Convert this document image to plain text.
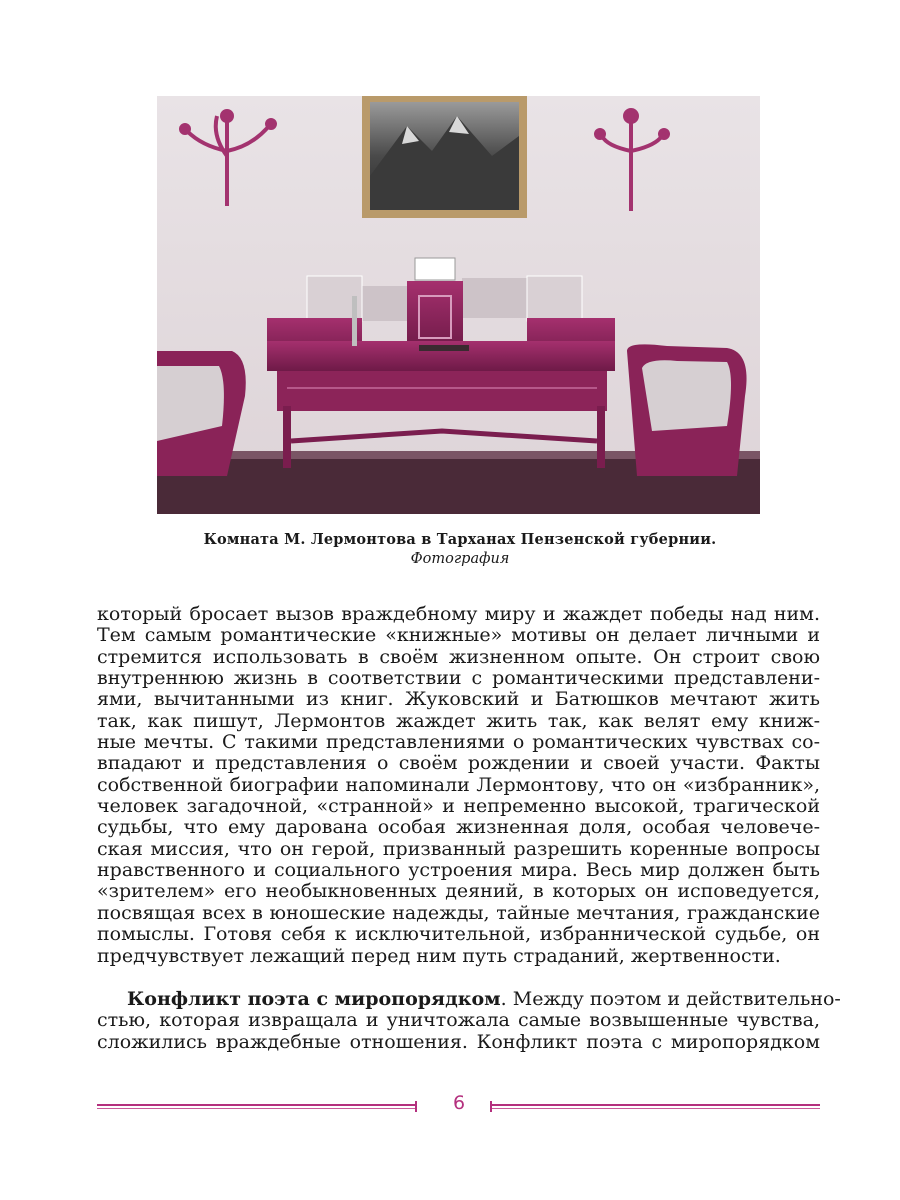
Комната М. Лермонтова в Тарханах Пензенской губернии.
Фотография
который бросает вызов враждебному миру и жаждет победы над ним.
Тем самым романтические «книжные» мотивы он делает личными и
стремится использовать в своём жизненном опыте. Он строит свою
внутреннюю жизнь в соответствии с романтическими представлени-
ями, вычитанными из книг. Жуковский и Батюшков мечтают жить
так, как пишут, Лермонтов жаждет жить так, как велят ему книж-
ные мечты. С такими представлениями о романтических чувствах со-
впадают и представления о своём рождении и своей участи. Факты
собственной биографии напоминали Лермонтову, что он «избранник»,
человек загадочной, «странной» и непременно высокой, трагической
судьбы, что ему дарована особая жизненная доля, особая человече-
ская миссия, что он герой, призванный разрешить коренные вопросы
нравственного и социального устроения мира. Весь мир должен быть
«зрителем» его необыкновенных деяний, в которых он исповедуется,
посвящая всех в юношеские надежды, тайные мечтания, гражданские
помыслы. Готовя себя к исключительной, избраннической судьбе, он
предчувствует лежащий перед ним путь страданий, жертвенности.
Конфликт поэта с миропорядком. Между поэтом и действительно-
стью, которая извращала и уничтожала самые возвышенные чувства,
сложились враждебные отношения. Конфликт поэта с миропорядком
6
